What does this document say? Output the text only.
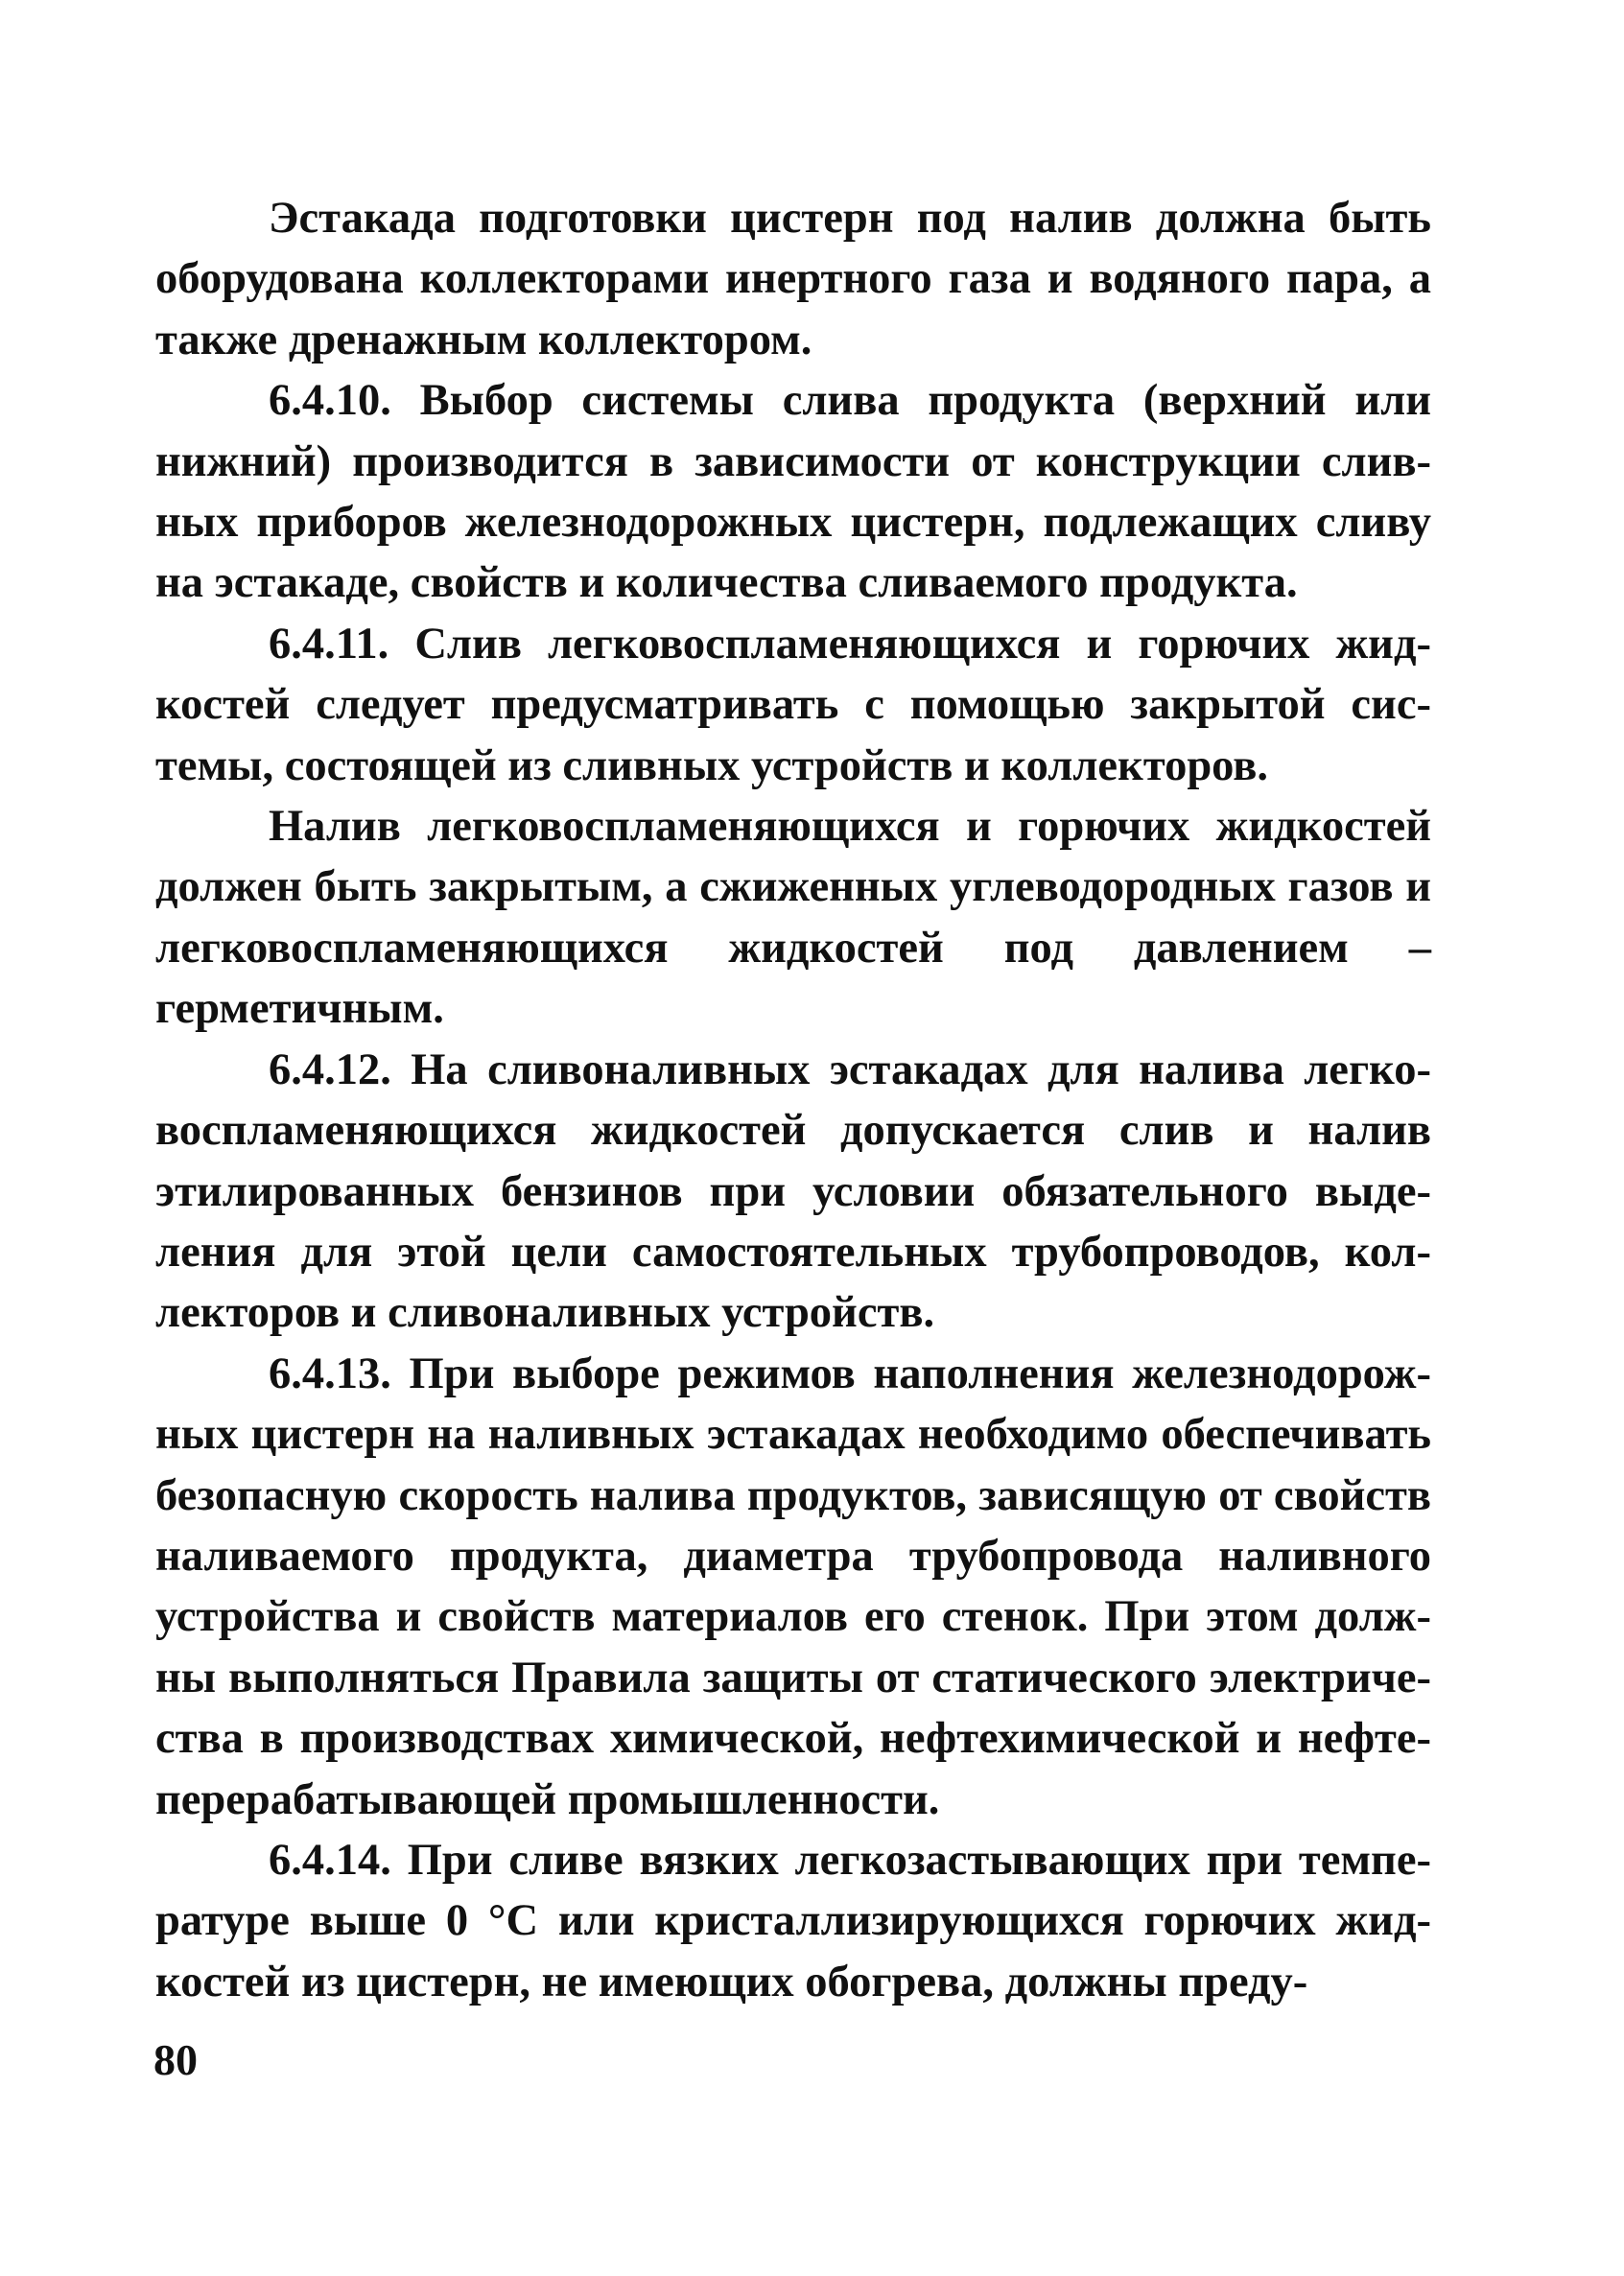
Эстакада подготовки цистерн под налив должна быть оборудована коллекторами инертного газа и водяного пара, а также дренажным коллектором.

6.4.10. Выбор системы слива продукта (верхний или нижний) производится в зависимости от конструкции сливных приборов железнодорожных цистерн, подлежащих сливу на эстакаде, свойств и количества сливаемого продукта.

6.4.11. Слив легковоспламеняющихся и горючих жидкостей следует предусматривать с помощью закрытой системы, состоящей из сливных устройств и коллекторов.

Налив легковоспламеняющихся и горючих жидкостей должен быть закрытым, а сжиженных углеводородных газов и легковоспламеняющихся жидкостей под давлением – герметичным.

6.4.12. На сливоналивных эстакадах для налива легковоспламеняющихся жидкостей допускается слив и налив этилированных бензинов при условии обязательного выделения для этой цели самостоятельных трубопроводов, коллекторов и сливоналивных устройств.

6.4.13. При выборе режимов наполнения железнодорожных цистерн на наливных эстакадах необходимо обеспечивать безопасную скорость налива продуктов, зависящую от свойств наливаемого продукта, диаметра трубопровода наливного устройства и свойств материалов его стенок. При этом должны выполняться Правила защиты от статического электричества в производствах химической, нефтехимической и нефтеперерабатывающей промышленности.

6.4.14. При сливе вязких легкозастывающих при температуре выше 0 °С или кристаллизирующихся горючих жидкостей из цистерн, не имеющих обогрева, должны преду-

80
